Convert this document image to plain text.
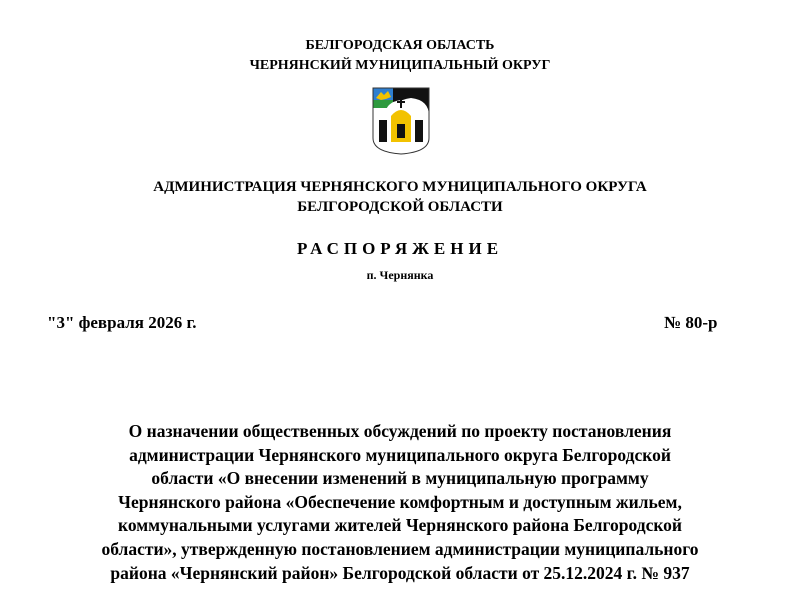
БЕЛГОРОДСКАЯ ОБЛАСТЬ
ЧЕРНЯНСКИЙ МУНИЦИПАЛЬНЫЙ ОКРУГ
АДМИНИСТРАЦИЯ ЧЕРНЯНСКОГО МУНИЦИПАЛЬНОГО ОКРУГА
БЕЛГОРОДСКОЙ ОБЛАСТИ
РАСПОРЯЖЕНИЕ
п. Чернянка
"3" февраля 2026 г.	№ 80-р
О назначении общественных обсуждений по проекту постановления
администрации Чернянского муниципального округа Белгородской
области «О внесении изменений в муниципальную программу
Чернянского района «Обеспечение комфортным и доступным жильем,
коммунальными услугами жителей Чернянского района Белгородской
области», утвержденную постановлением администрации муниципального
района «Чернянский район» Белгородской области от 25.12.2024 г. № 937
